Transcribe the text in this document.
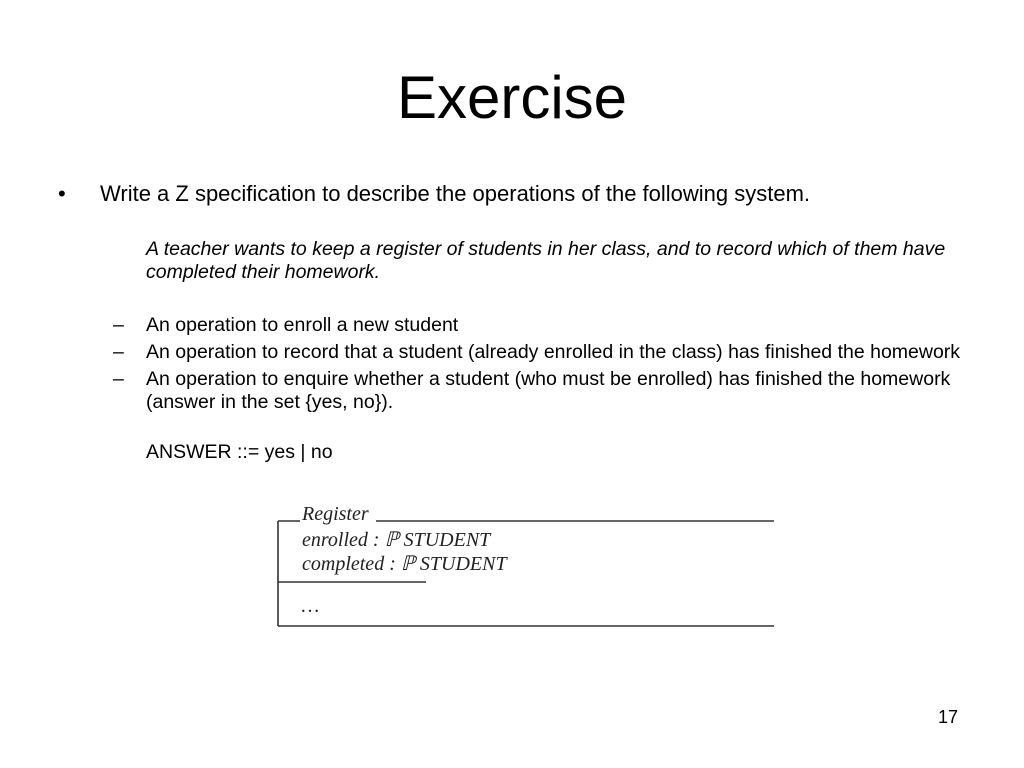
Exercise
• Write a Z specification to describe the operations of the following system.
A teacher wants to keep a register of students in her class, and to record which of them have completed their homework.
– An operation to enroll a new student
– An operation to record that a student (already enrolled in the class) has finished the homework
– An operation to enquire whether a student (who must be enrolled) has finished the homework (answer in the set {yes, no}).
ANSWER ::= yes | no
Register
enrolled : ℙ STUDENT
completed : ℙ STUDENT
…
17
